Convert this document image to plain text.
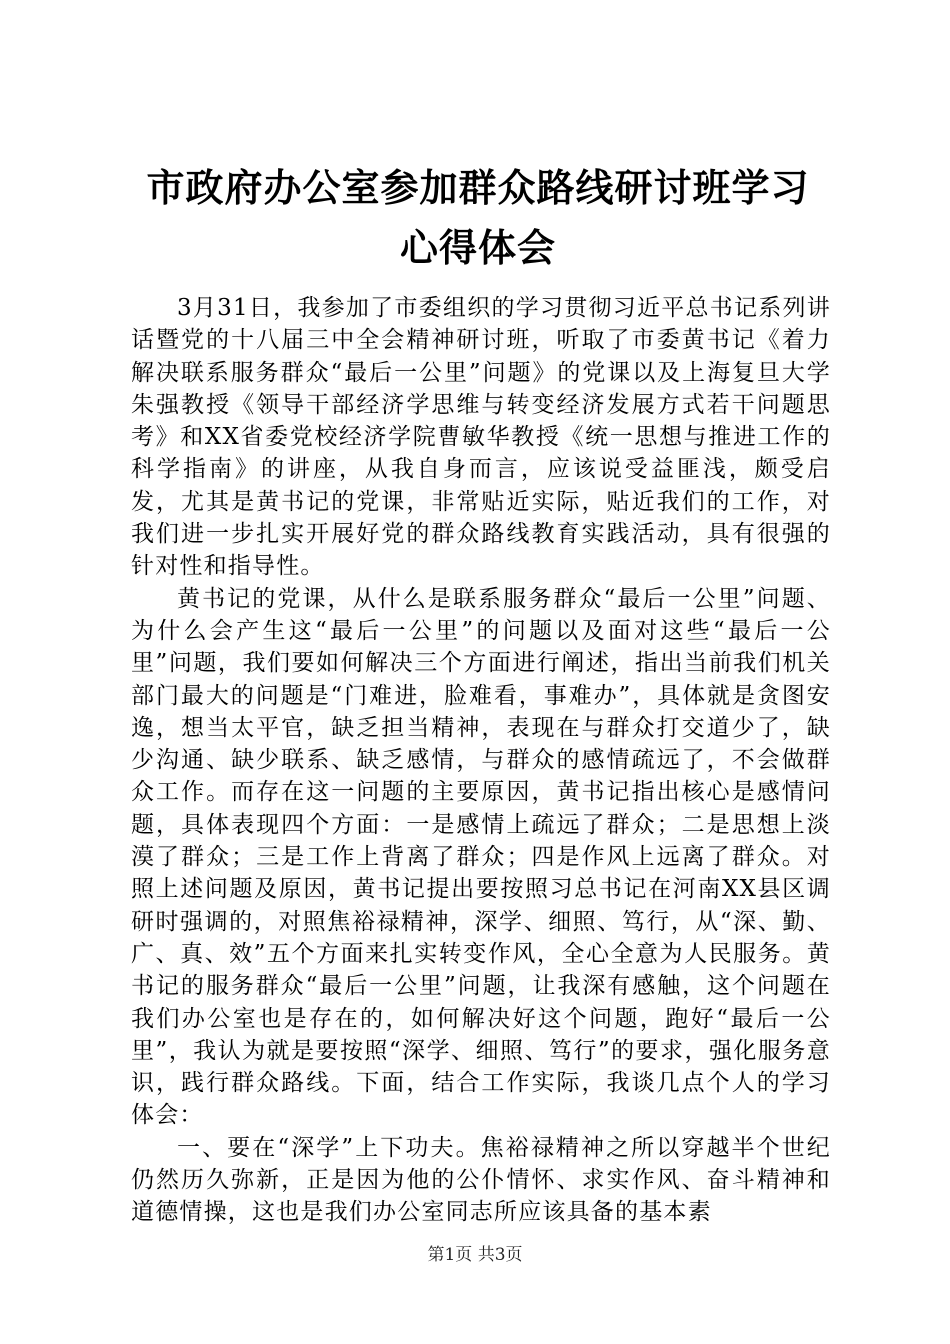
市政府办公室参加群众路线研讨班学习心得体会

3月31日，我参加了市委组织的学习贯彻习近平总书记系列讲话暨党的十八届三中全会精神研讨班，听取了市委黄书记《着力解决联系服务群众“最后一公里”问题》的党课以及上海复旦大学朱强教授《领导干部经济学思维与转变经济发展方式若干问题思考》和XX省委党校经济学院曹敏华教授《统一思想与推进工作的科学指南》的讲座，从我自身而言，应该说受益匪浅，颇受启发，尤其是黄书记的党课，非常贴近实际，贴近我们的工作，对我们进一步扎实开展好党的群众路线教育实践活动，具有很强的针对性和指导性。

黄书记的党课，从什么是联系服务群众“最后一公里”问题、为什么会产生这“最后一公里”的问题以及面对这些“最后一公里”问题，我们要如何解决三个方面进行阐述，指出当前我们机关部门最大的问题是“门难进，脸难看，事难办”，具体就是贪图安逸，想当太平官，缺乏担当精神，表现在与群众打交道少了，缺少沟通、缺少联系、缺乏感情，与群众的感情疏远了，不会做群众工作。而存在这一问题的主要原因，黄书记指出核心是感情问题，具体表现四个方面：一是感情上疏远了群众；二是思想上淡漠了群众；三是工作上背离了群众；四是作风上远离了群众。对照上述问题及原因，黄书记提出要按照习总书记在河南XX县区调研时强调的，对照焦裕禄精神，深学、细照、笃行，从“深、勤、广、真、效”五个方面来扎实转变作风，全心全意为人民服务。黄书记的服务群众“最后一公里”问题，让我深有感触，这个问题在我们办公室也是存在的，如何解决好这个问题，跑好“最后一公里”，我认为就是要按照“深学、细照、笃行”的要求，强化服务意识，践行群众路线。下面，结合工作实际，我谈几点个人的学习体会：

一、要在“深学”上下功夫。焦裕禄精神之所以穿越半个世纪仍然历久弥新，正是因为他的公仆情怀、求实作风、奋斗精神和道德情操，这也是我们办公室同志所应该具备的基本素

第1页 共3页
